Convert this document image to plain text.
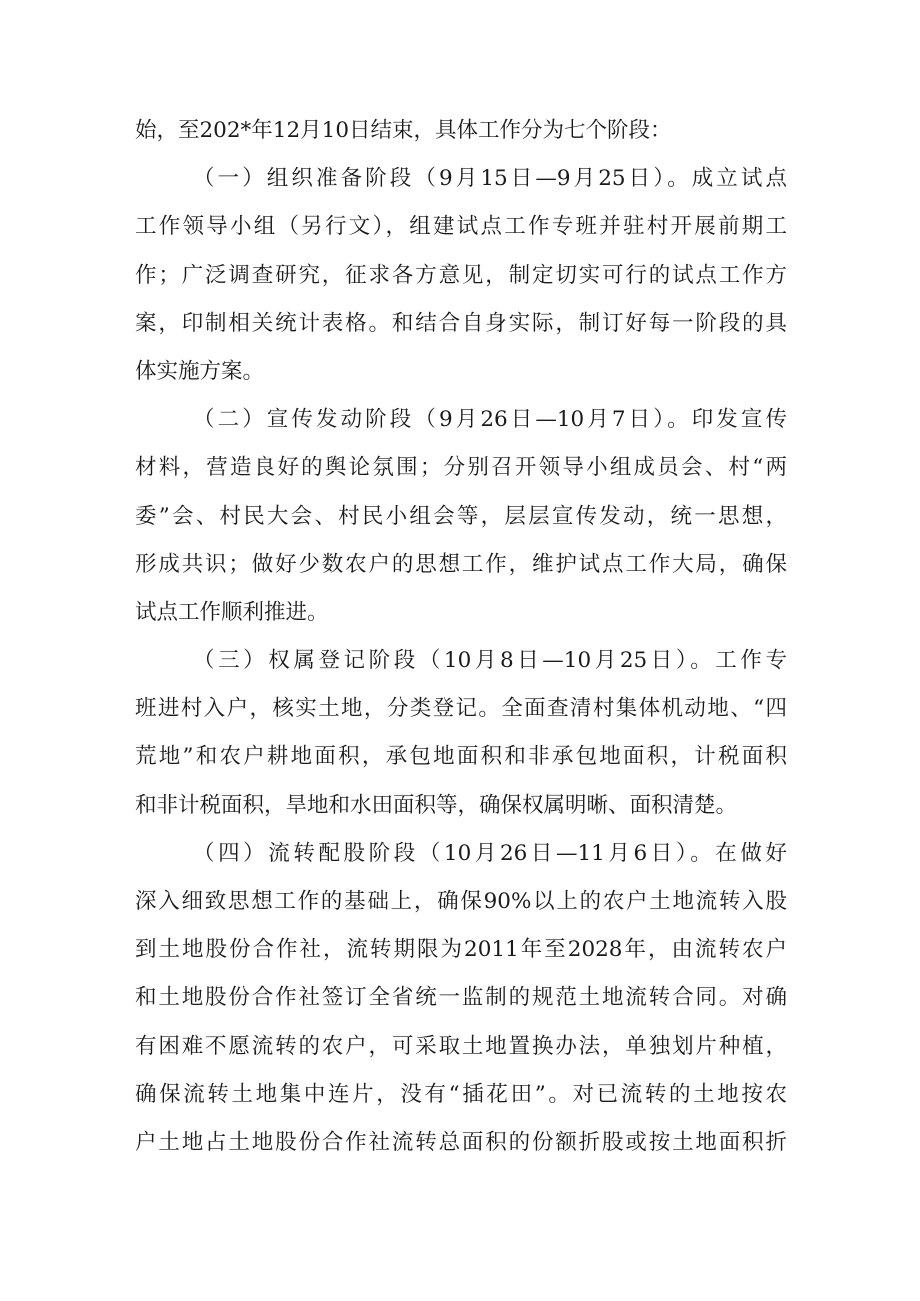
始，至202*年12月10日结束，具体工作分为七个阶段：
（一）组织准备阶段（9月15日—9月25日）。成立试点
工作领导小组（另行文），组建试点工作专班并驻村开展前期工
作；广泛调查研究，征求各方意见，制定切实可行的试点工作方
案，印制相关统计表格。和结合自身实际，制订好每一阶段的具
体实施方案。
（二）宣传发动阶段（9月26日—10月7日）。印发宣传
材料，营造良好的舆论氛围；分别召开领导小组成员会、村“两
委”会、村民大会、村民小组会等，层层宣传发动，统一思想，
形成共识；做好少数农户的思想工作，维护试点工作大局，确保
试点工作顺利推进。
（三）权属登记阶段（10月8日—10月25日）。工作专
班进村入户，核实土地，分类登记。全面查清村集体机动地、“四
荒地”和农户耕地面积，承包地面积和非承包地面积，计税面积
和非计税面积，旱地和水田面积等，确保权属明晰、面积清楚。
（四）流转配股阶段（10月26日—11月6日）。在做好
深入细致思想工作的基础上，确保90%以上的农户土地流转入股
到土地股份合作社，流转期限为2011年至2028年，由流转农户
和土地股份合作社签订全省统一监制的规范土地流转合同。对确
有困难不愿流转的农户，可采取土地置换办法，单独划片种植，
确保流转土地集中连片，没有“插花田”。对已流转的土地按农
户土地占土地股份合作社流转总面积的份额折股或按土地面积折
